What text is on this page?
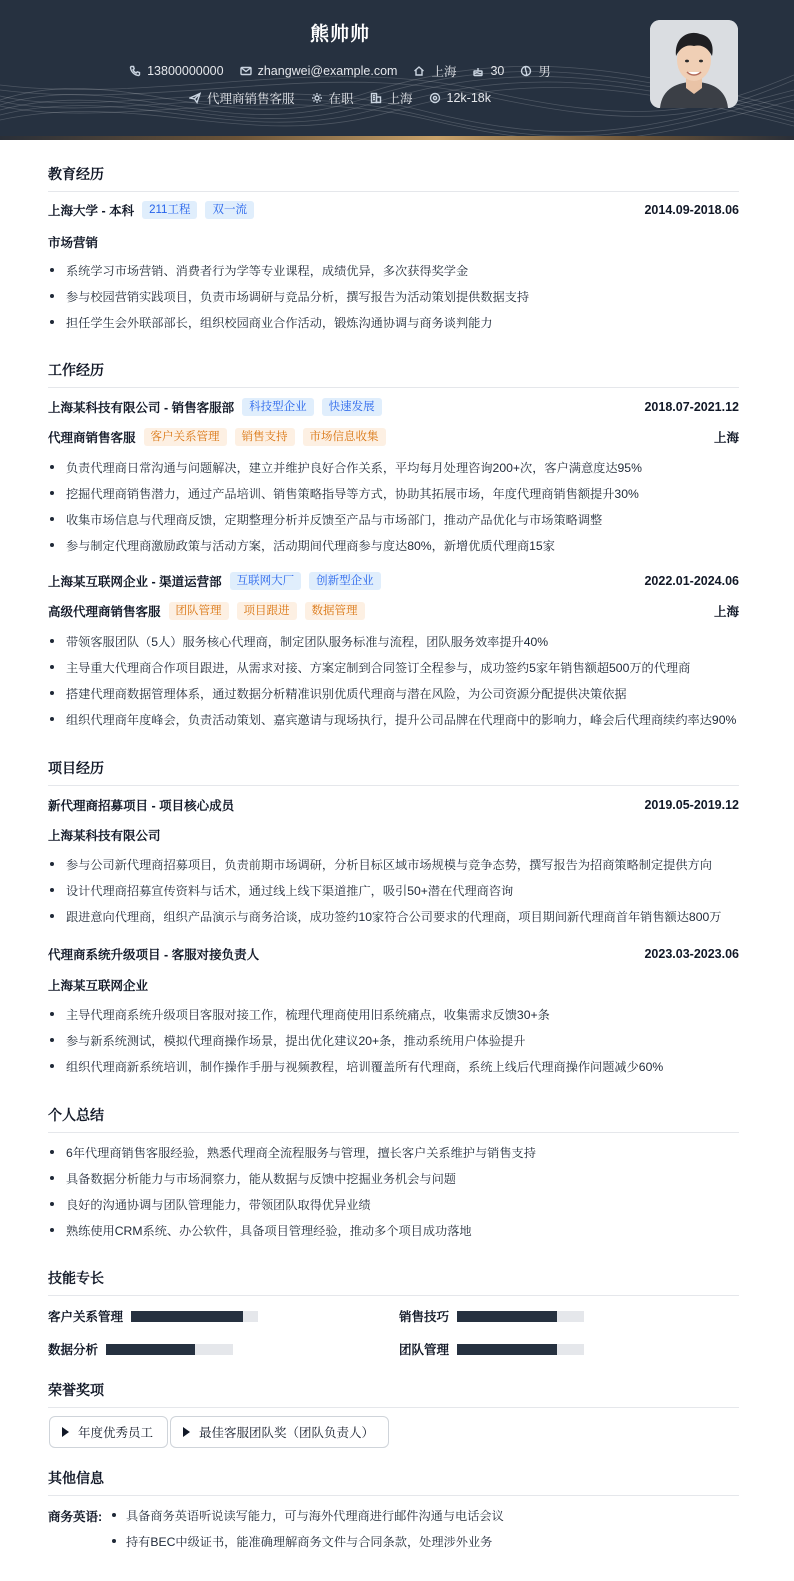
熊帅帅
13800000000	zhangwei@example.com	上海	30	男
代理商销售客服	在职	上海	12k-18k
教育经历
上海大学 - 本科	211工程	双一流	2014.09-2018.06
市场营销
系统学习市场营销、消费者行为学等专业课程，成绩优异，多次获得奖学金
参与校园营销实践项目，负责市场调研与竞品分析，撰写报告为活动策划提供数据支持
担任学生会外联部部长，组织校园商业合作活动，锻炼沟通协调与商务谈判能力
工作经历
上海某科技有限公司 - 销售客服部	科技型企业	快速发展	2018.07-2021.12
代理商销售客服	客户关系管理	销售支持	市场信息收集	上海
负责代理商日常沟通与问题解决，建立并维护良好合作关系，平均每月处理咨询200+次，客户满意度达95%
挖掘代理商销售潜力，通过产品培训、销售策略指导等方式，协助其拓展市场，年度代理商销售额提升30%
收集市场信息与代理商反馈，定期整理分析并反馈至产品与市场部门，推动产品优化与市场策略调整
参与制定代理商激励政策与活动方案，活动期间代理商参与度达80%，新增优质代理商15家
上海某互联网企业 - 渠道运营部	互联网大厂	创新型企业	2022.01-2024.06
高级代理商销售客服	团队管理	项目跟进	数据管理	上海
带领客服团队（5人）服务核心代理商，制定团队服务标准与流程，团队服务效率提升40%
主导重大代理商合作项目跟进，从需求对接、方案定制到合同签订全程参与，成功签约5家年销售额超500万的代理商
搭建代理商数据管理体系，通过数据分析精准识别优质代理商与潜在风险，为公司资源分配提供决策依据
组织代理商年度峰会，负责活动策划、嘉宾邀请与现场执行，提升公司品牌在代理商中的影响力，峰会后代理商续约率达90%
项目经历
新代理商招募项目 - 项目核心成员	2019.05-2019.12
上海某科技有限公司
参与公司新代理商招募项目，负责前期市场调研，分析目标区域市场规模与竞争态势，撰写报告为招商策略制定提供方向
设计代理商招募宣传资料与话术，通过线上线下渠道推广，吸引50+潜在代理商咨询
跟进意向代理商，组织产品演示与商务洽谈，成功签约10家符合公司要求的代理商，项目期间新代理商首年销售额达800万
代理商系统升级项目 - 客服对接负责人	2023.03-2023.06
上海某互联网企业
主导代理商系统升级项目客服对接工作，梳理代理商使用旧系统痛点，收集需求反馈30+条
参与新系统测试，模拟代理商操作场景，提出优化建议20+条，推动系统用户体验提升
组织代理商新系统培训，制作操作手册与视频教程，培训覆盖所有代理商，系统上线后代理商操作问题减少60%
个人总结
6年代理商销售客服经验，熟悉代理商全流程服务与管理，擅长客户关系维护与销售支持
具备数据分析能力与市场洞察力，能从数据与反馈中挖掘业务机会与问题
良好的沟通协调与团队管理能力，带领团队取得优异业绩
熟练使用CRM系统、办公软件，具备项目管理经验，推动多个项目成功落地
技能专长
客户关系管理	销售技巧
数据分析	团队管理
荣誉奖项
年度优秀员工	最佳客服团队奖（团队负责人）
其他信息
商务英语:	具备商务英语听说读写能力，可与海外代理商进行邮件沟通与电话会议
持有BEC中级证书，能准确理解商务文件与合同条款，处理涉外业务
